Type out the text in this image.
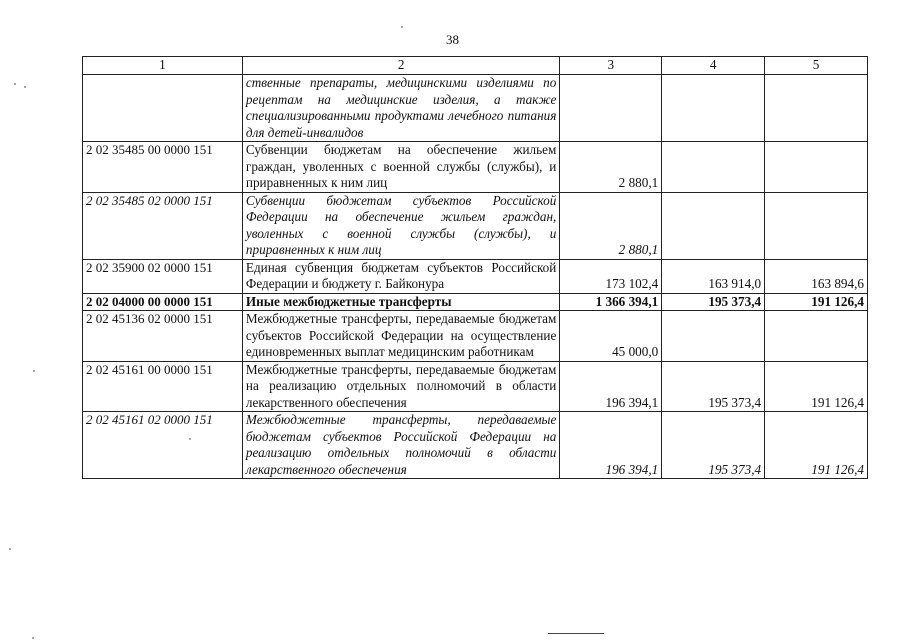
38
1	2	3	4	5
	ственные препараты, медицинскими изделиями по рецептам на медицинские изделия, а также специализированными продуктами лечебного питания для детей-инвалидов			
2 02 35485 00 0000 151	Субвенции бюджетам на обеспечение жильем граждан, уволенных с военной службы (службы), и приравненных к ним лиц	2 880,1		
2 02 35485 02 0000 151	Субвенции бюджетам субъектов Российской Федерации на обеспечение жильем граждан, уволенных с военной службы (службы), и приравненных к ним лиц	2 880,1		
2 02 35900 02 0000 151	Единая субвенция бюджетам субъектов Российской Федерации и бюджету г. Байконура	173 102,4	163 914,0	163 894,6
2 02 04000 00 0000 151	Иные межбюджетные трансферты	1 366 394,1	195 373,4	191 126,4
2 02 45136 02 0000 151	Межбюджетные трансферты, передаваемые бюджетам субъектов Российской Федерации на осуществление единовременных выплат медицинским работникам	45 000,0		
2 02 45161 00 0000 151	Межбюджетные трансферты, передаваемые бюджетам на реализацию отдельных полномочий в области лекарственного обеспечения	196 394,1	195 373,4	191 126,4
2 02 45161 02 0000 151	Межбюджетные трансферты, передаваемые бюджетам субъектов Российской Федерации на реализацию отдельных полномочий в области лекарственного обеспечения	196 394,1	195 373,4	191 126,4
